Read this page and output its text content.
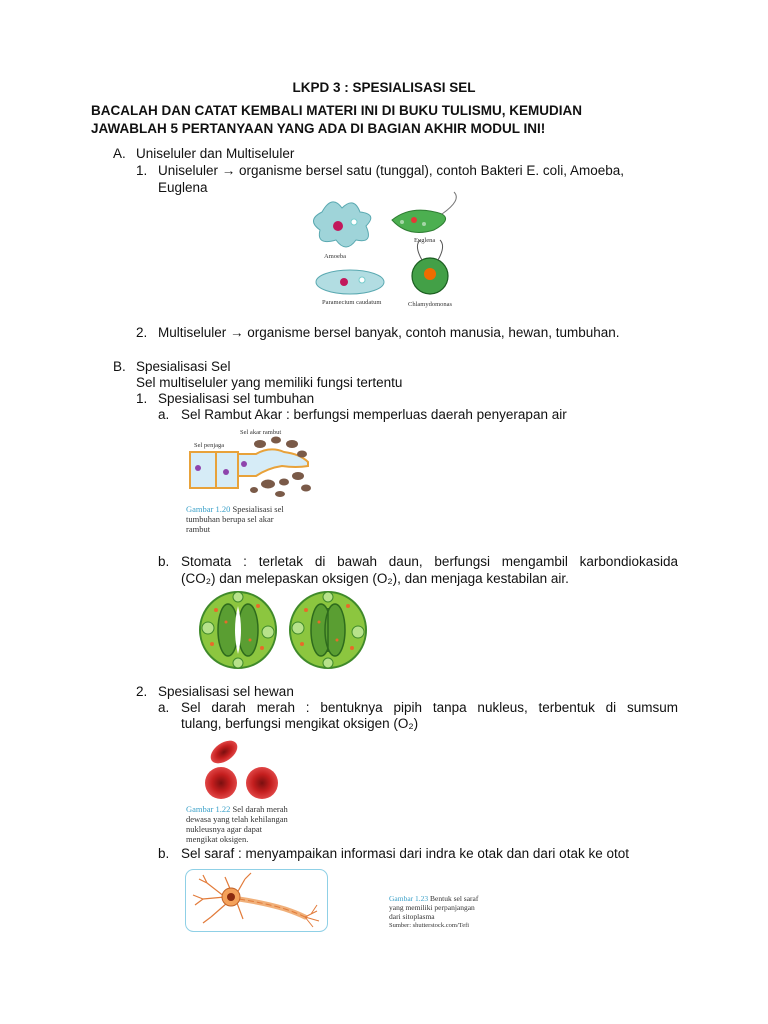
LKPD 3 : SPESIALISASI SEL
BACALAH DAN CATAT KEMBALI MATERI INI DI BUKU TULISMU, KEMUDIAN
JAWABLAH 5 PERTANYAAN YANG ADA DI BAGIAN AKHIR MODUL INI!
A. Uniseluler dan Multiseluler
1. Uniseluler → organisme bersel satu (tunggal), contoh Bakteri E. coli, Amoeba,
Euglena
Amoeba
Euglena
Paramecium caudatum	Chlamydomonas
2. Multiseluler → organisme bersel banyak, contoh manusia, hewan, tumbuhan.
B. Spesialisasi Sel
Sel multiseluler yang memiliki fungsi tertentu
1. Spesialisasi sel tumbuhan
a. Sel Rambut Akar : berfungsi memperluas daerah penyerapan air
Sel akar rambut
Sel penjaga
Gambar 1.20 Spesialisasi sel
tumbuhan berupa sel akar
rambut
b. Stomata : terletak di bawah daun, berfungsi mengambil karbondiokasida
(CO₂) dan melepaskan oksigen (O₂), dan menjaga kestabilan air.
2. Spesialisasi sel hewan
a. Sel darah merah : bentuknya pipih tanpa nukleus, terbentuk di sumsum
tulang, berfungsi mengikat oksigen (O₂)
Gambar 1.22 Sel darah merah
dewasa yang telah kehilangan
nukleusnya agar dapat
mengikat oksigen.
b. Sel saraf : menyampaikan informasi dari indra ke otak dan dari otak ke otot
Gambar 1.23 Bentuk sel saraf
yang memiliki perpanjangan
dari sitoplasma
Sumber: shutterstock.com/Tefi
